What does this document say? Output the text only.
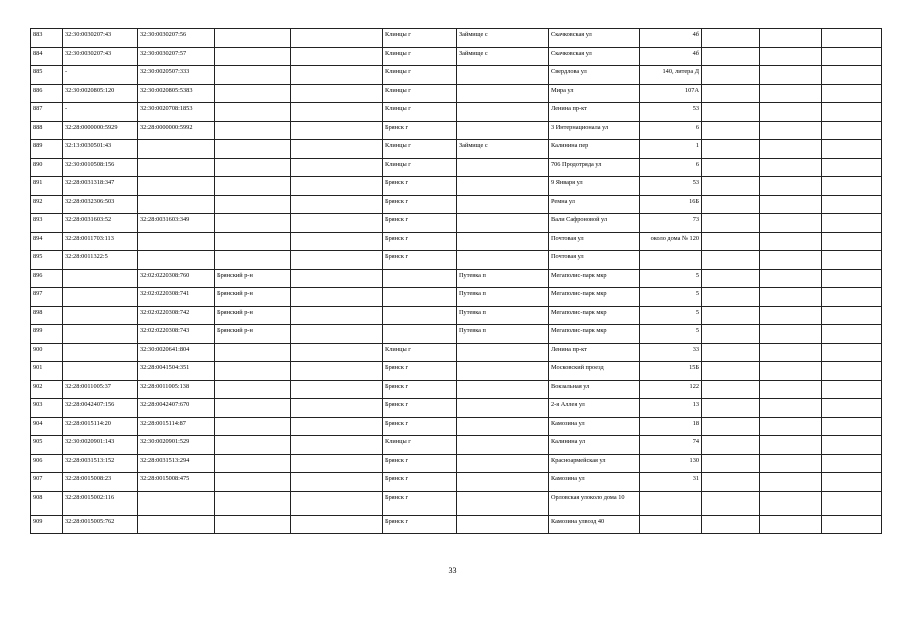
883	32:30:0030207:43	32:30:0030207:56			Клинцы г	Займище с	Скачковская ул	4б			
884	32:30:0030207:43	32:30:0030207:57			Клинцы г	Займище с	Скачковская ул	4б			
885	-	32:30:0020507:333			Клинцы г		Свердлова ул	140, литера Д			
886	32:30:0020805:120	32:30:0020805:5383			Клинцы г		Мира ул	107А			
887	-	32:30:0020708:1853			Клинцы г		Ленина пр-кт	53			
888	32:28:0000000:5929	32:28:0000000:5992			Брянск г		3 Интернационала ул	6			
889	32:13:0030501:43				Клинцы г	Займище с	Калинина пер	1			
890	32:30:0010508:156				Клинцы г		706 Продотряда ул	6			
891	32:28:0031318:347				Брянск г		9 Января ул	53			
892	32:28:0032306:503				Брянск г		Ремна ул	16Б			
893	32:28:0031603:52	32:28:0031603:349			Брянск г		Вали Сафроновой ул	73			
894	32:28:0011703:113				Брянск г		Почтовая ул	около дома № 120			
895	32:28:0011322:5				Брянск г		Почтовая ул				
896		32:02:0220308:760	Брянский р-н			Путевка п	Мегаполис-парк мкр	5			
897		32:02:0220308:741	Брянский р-н			Путевка п	Мегаполис-парк мкр	5			
898		32:02:0220308:742	Брянский р-н			Путевка п	Мегаполис-парк мкр	5			
899		32:02:0220308:743	Брянский р-н			Путевка п	Мегаполис-парк мкр	5			
900		32:30:0020641:804			Клинцы г		Ленина пр-кт	33			
901		32:28:0041504:351			Брянск г		Московский проезд	15Б			
902	32:28:0011005:37	32:28:0011005:138			Брянск г		Вокзальная ул	122			
903	32:28:0042407:156	32:28:0042407:670			Брянск г		2-я Аллея ул	13			
904	32:28:0015114:20	32:28:0015114:87			Брянск г		Камозина ул	18			
905	32:30:0020901:143	32:30:0020901:529			Клинцы г		Калинина ул	74			
906	32:28:0031513:152	32:28:0031513:294			Брянск г		Красноармейская ул	130			
907	32:28:0015008:23	32:28:0015008:475			Брянск г		Камозина ул	31			
908	32:28:0015002:116				Брянск г		Орловская улоколо дома 10				
909	32:28:0015005:762				Брянск г		Камозина улвозд 40				
33
